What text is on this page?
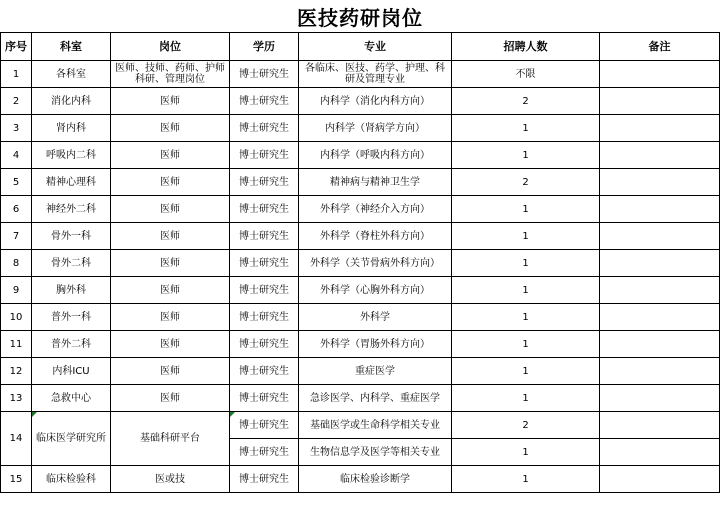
医技药研岗位
序号	科室	岗位	学历	专业	招聘人数	备注
1	各科室	医师、技师、药师、护师科研、管理岗位	博士研究生	各临床、医技、药学、护理、科研及管理专业	不限	
2	消化内科	医师	博士研究生	内科学（消化内科方向）	2	
3	肾内科	医师	博士研究生	内科学（肾病学方向）	1	
4	呼吸内二科	医师	博士研究生	内科学（呼吸内科方向）	1	
5	精神心理科	医师	博士研究生	精神病与精神卫生学	2	
6	神经外二科	医师	博士研究生	外科学（神经介入方向）	1	
7	骨外一科	医师	博士研究生	外科学（脊柱外科方向）	1	
8	骨外二科	医师	博士研究生	外科学（关节骨病外科方向）	1	
9	胸外科	医师	博士研究生	外科学（心胸外科方向）	1	
10	普外一科	医师	博士研究生	外科学	1	
11	普外二科	医师	博士研究生	外科学（胃肠外科方向）	1	
12	内科ICU	医师	博士研究生	重症医学	1	
13	急救中心	医师	博士研究生	急诊医学、内科学、重症医学	1	
14	临床医学研究所	基础科研平台	博士研究生	基础医学或生命科学相关专业	2	
			博士研究生	生物信息学及医学等相关专业	1	
15	临床检验科	医或技	博士研究生	临床检验诊断学	1	
